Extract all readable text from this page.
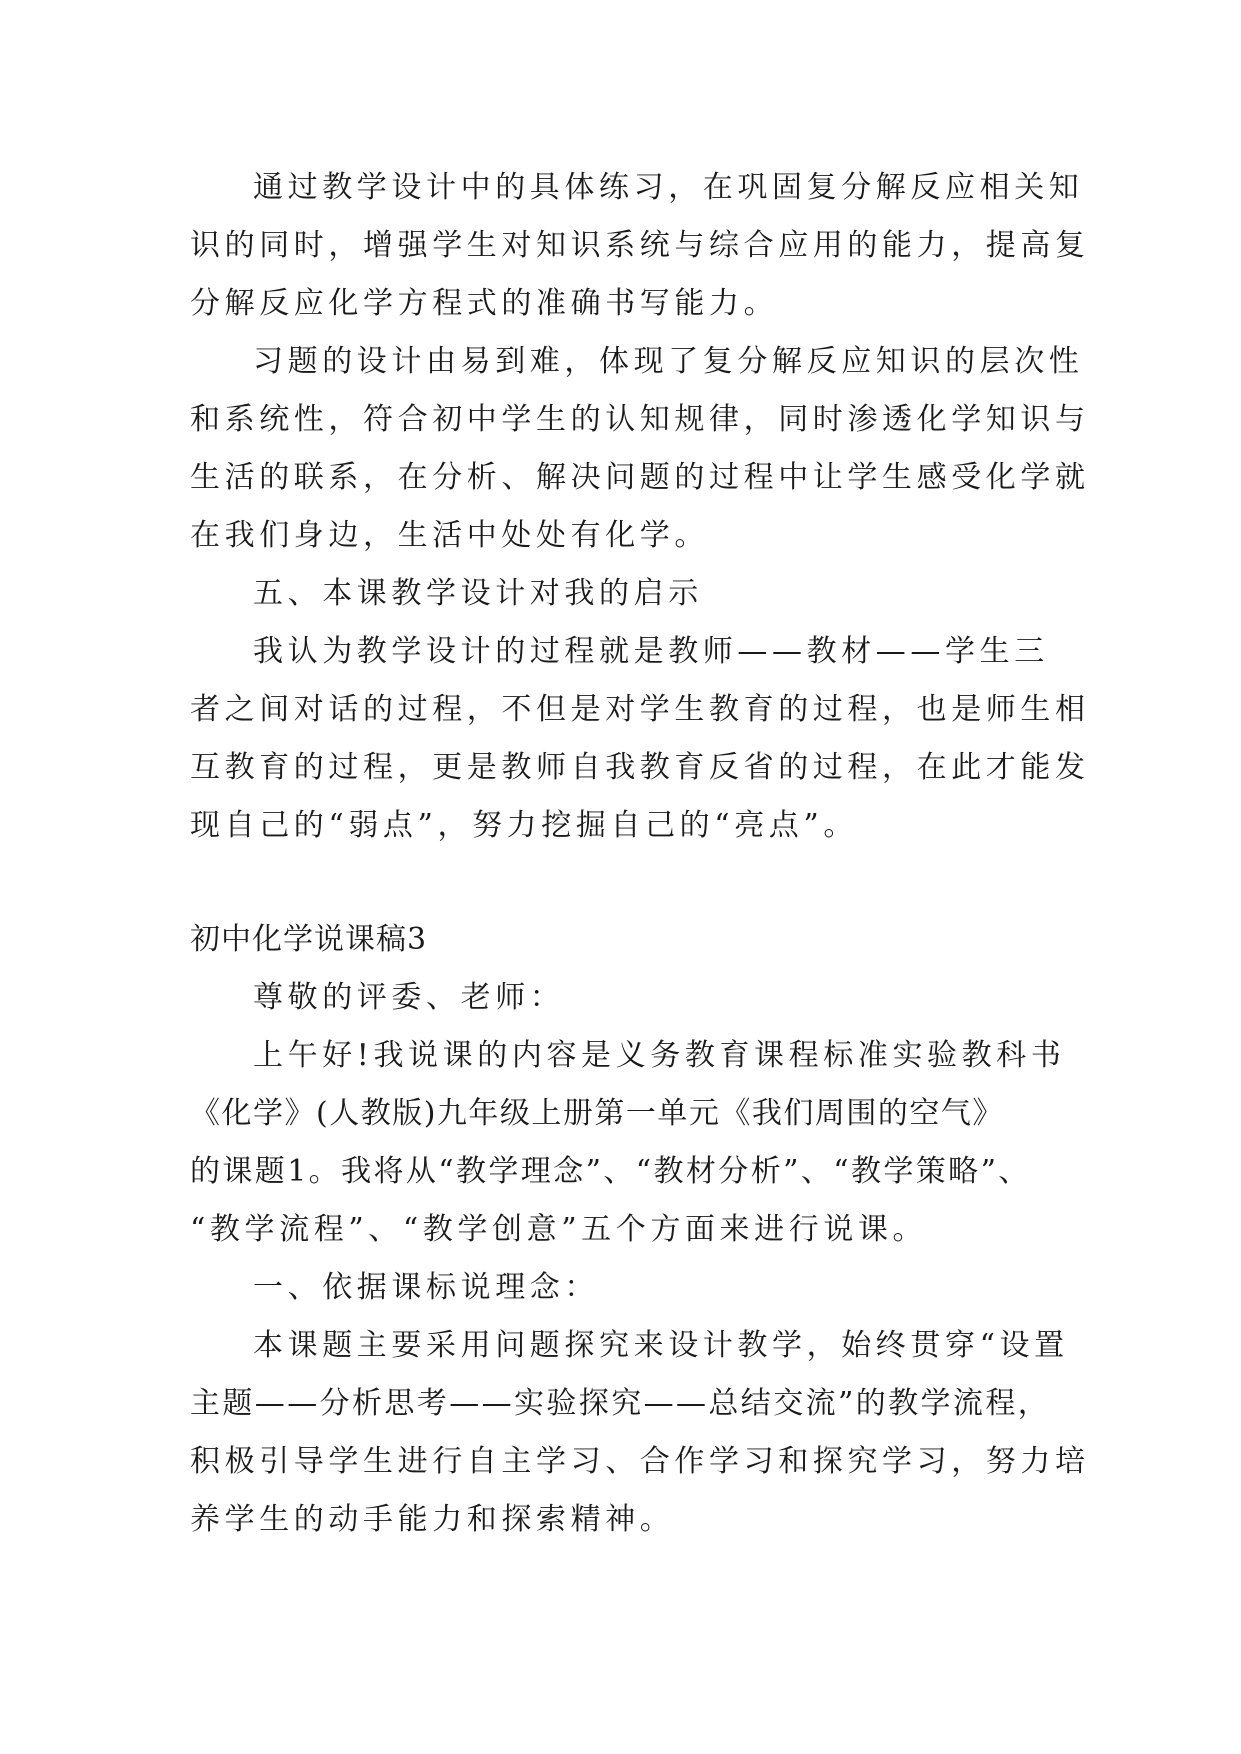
通过教学设计中的具体练习，在巩固复分解反应相关知
识的同时，增强学生对知识系统与综合应用的能力，提高复
分解反应化学方程式的准确书写能力。
习题的设计由易到难，体现了复分解反应知识的层次性
和系统性，符合初中学生的认知规律，同时渗透化学知识与
生活的联系，在分析、解决问题的过程中让学生感受化学就
在我们身边，生活中处处有化学。
五、本课教学设计对我的启示
我认为教学设计的过程就是教师——教材——学生三
者之间对话的过程，不但是对学生教育的过程，也是师生相
互教育的过程，更是教师自我教育反省的过程，在此才能发
现自己的“弱点”，努力挖掘自己的“亮点”。
初中化学说课稿3
尊敬的评委、老师：
上午好!我说课的内容是义务教育课程标准实验教科书
《化学》(人教版)九年级上册第一单元《我们周围的空气》
的课题1。我将从“教学理念”、“教材分析”、“教学策略”、
“教学流程”、“教学创意”五个方面来进行说课。
一、依据课标说理念：
本课题主要采用问题探究来设计教学，始终贯穿“设置
主题——分析思考——实验探究——总结交流”的教学流程，
积极引导学生进行自主学习、合作学习和探究学习，努力培
养学生的动手能力和探索精神。
